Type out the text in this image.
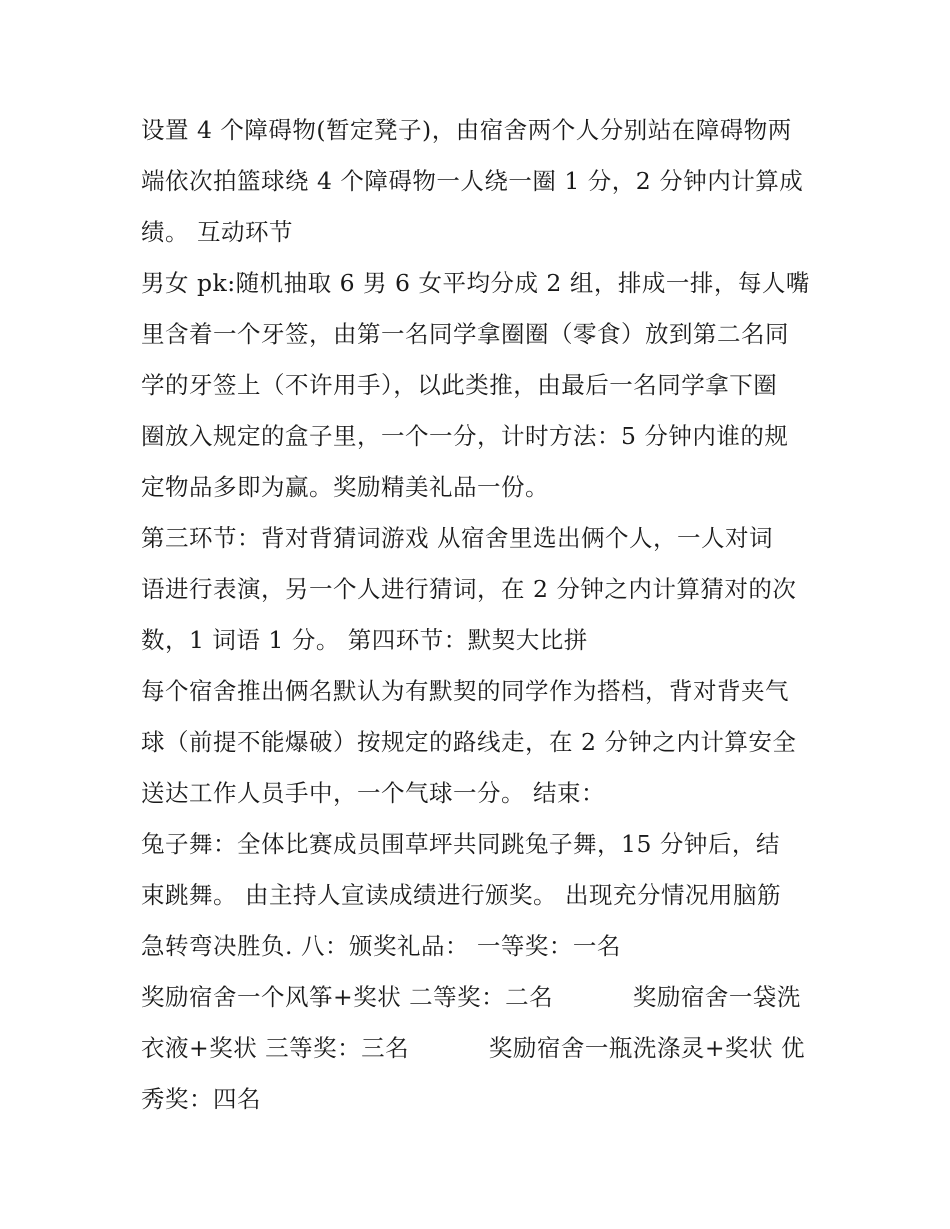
设置 4 个障碍物(暂定凳子)，由宿舍两个人分别站在障碍物两
端依次拍篮球绕 4 个障碍物一人绕一圈 1 分，2 分钟内计算成
绩。 互动环节
男女 pk:随机抽取 6 男 6 女平均分成 2 组，排成一排，每人嘴
里含着一个牙签，由第一名同学拿圈圈（零食）放到第二名同
学的牙签上（不许用手），以此类推，由最后一名同学拿下圈
圈放入规定的盒子里，一个一分，计时方法：5 分钟内谁的规
定物品多即为赢。奖励精美礼品一份。
第三环节：背对背猜词游戏 从宿舍里选出俩个人，一人对词
语进行表演，另一个人进行猜词，在 2 分钟之内计算猜对的次
数，1 词语 1 分。 第四环节：默契大比拼
每个宿舍推出俩名默认为有默契的同学作为搭档，背对背夹气
球（前提不能爆破）按规定的路线走，在 2 分钟之内计算安全
送达工作人员手中，一个气球一分。 结束：
兔子舞：全体比赛成员围草坪共同跳兔子舞，15 分钟后，结
束跳舞。 由主持人宣读成绩进行颁奖。 出现充分情况用脑筋
急转弯决胜负. 八：颁奖礼品： 一等奖：一名
奖励宿舍一个风筝+奖状 二等奖：二名          奖励宿舍一袋洗
衣液+奖状 三等奖：三名          奖励宿舍一瓶洗涤灵+奖状 优
秀奖：四名
